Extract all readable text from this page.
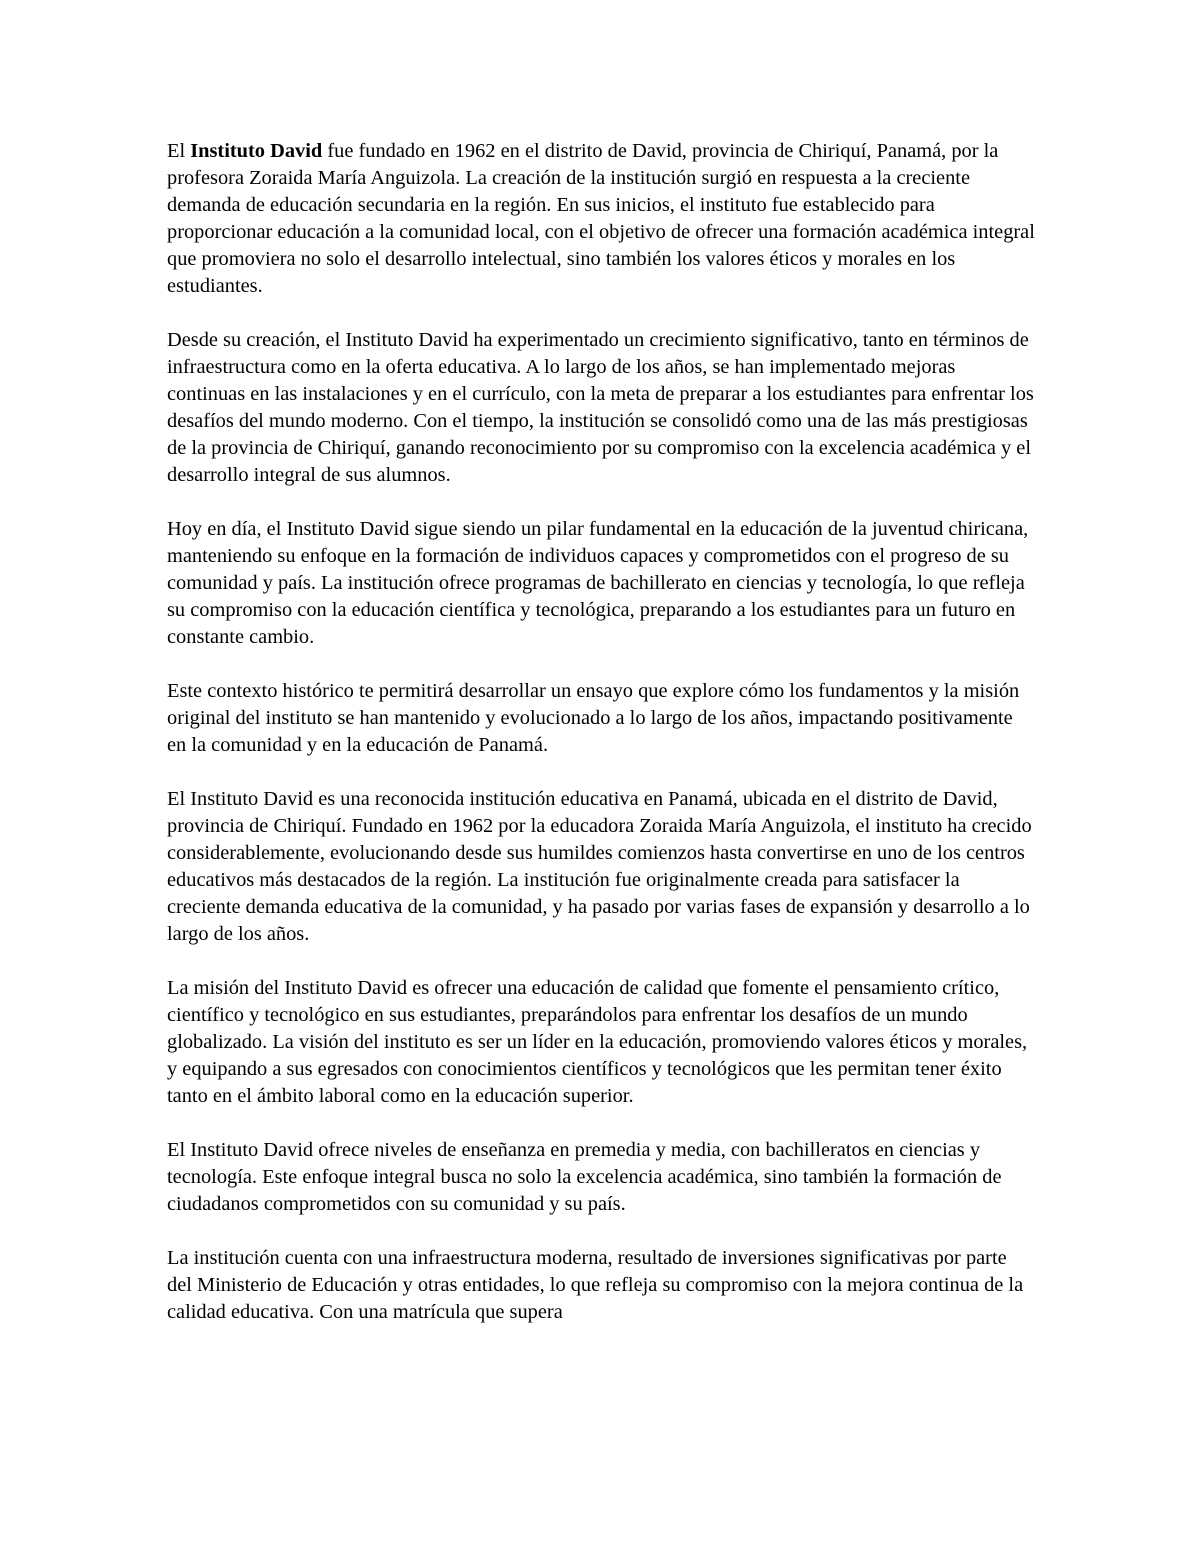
El Instituto David fue fundado en 1962 en el distrito de David, provincia de Chiriquí, Panamá, por la profesora Zoraida María Anguizola. La creación de la institución surgió en respuesta a la creciente demanda de educación secundaria en la región. En sus inicios, el instituto fue establecido para proporcionar educación a la comunidad local, con el objetivo de ofrecer una formación académica integral que promoviera no solo el desarrollo intelectual, sino también los valores éticos y morales en los estudiantes.

Desde su creación, el Instituto David ha experimentado un crecimiento significativo, tanto en términos de infraestructura como en la oferta educativa. A lo largo de los años, se han implementado mejoras continuas en las instalaciones y en el currículo, con la meta de preparar a los estudiantes para enfrentar los desafíos del mundo moderno. Con el tiempo, la institución se consolidó como una de las más prestigiosas de la provincia de Chiriquí, ganando reconocimiento por su compromiso con la excelencia académica y el desarrollo integral de sus alumnos.

Hoy en día, el Instituto David sigue siendo un pilar fundamental en la educación de la juventud chiricana, manteniendo su enfoque en la formación de individuos capaces y comprometidos con el progreso de su comunidad y país. La institución ofrece programas de bachillerato en ciencias y tecnología, lo que refleja su compromiso con la educación científica y tecnológica, preparando a los estudiantes para un futuro en constante cambio.

Este contexto histórico te permitirá desarrollar un ensayo que explore cómo los fundamentos y la misión original del instituto se han mantenido y evolucionado a lo largo de los años, impactando positivamente en la comunidad y en la educación de Panamá.

El Instituto David es una reconocida institución educativa en Panamá, ubicada en el distrito de David, provincia de Chiriquí. Fundado en 1962 por la educadora Zoraida María Anguizola, el instituto ha crecido considerablemente, evolucionando desde sus humildes comienzos hasta convertirse en uno de los centros educativos más destacados de la región. La institución fue originalmente creada para satisfacer la creciente demanda educativa de la comunidad, y ha pasado por varias fases de expansión y desarrollo a lo largo de los años.

La misión del Instituto David es ofrecer una educación de calidad que fomente el pensamiento crítico, científico y tecnológico en sus estudiantes, preparándolos para enfrentar los desafíos de un mundo globalizado. La visión del instituto es ser un líder en la educación, promoviendo valores éticos y morales, y equipando a sus egresados con conocimientos científicos y tecnológicos que les permitan tener éxito tanto en el ámbito laboral como en la educación superior.

El Instituto David ofrece niveles de enseñanza en premedia y media, con bachilleratos en ciencias y tecnología. Este enfoque integral busca no solo la excelencia académica, sino también la formación de ciudadanos comprometidos con su comunidad y su país.

La institución cuenta con una infraestructura moderna, resultado de inversiones significativas por parte del Ministerio de Educación y otras entidades, lo que refleja su compromiso con la mejora continua de la calidad educativa. Con una matrícula que supera
